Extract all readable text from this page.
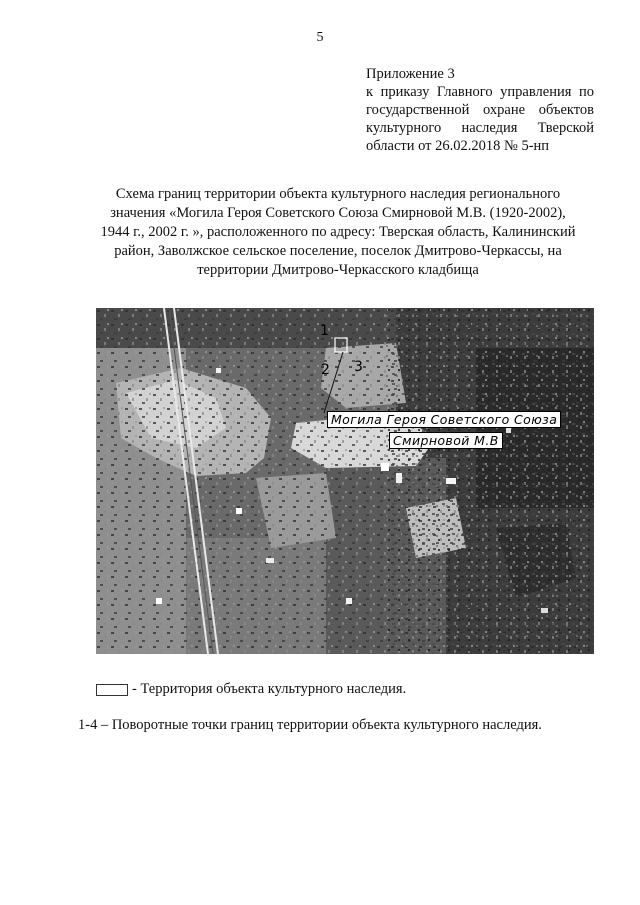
5
Приложение 3
к приказу Главного управления по
государственной охране объектов
культурного наследия Тверской
области от 26.02.2018 № 5-нп
Схема границ территории объекта культурного наследия регионального
значения «Могила Героя Советского Союза Смирновой М.В. (1920-2002),
1944 г., 2002 г. », расположенного по адресу: Тверская область, Калининский
район, Заволжское сельское поселение, поселок Дмитрово-Черкассы, на
территории Дмитрово-Черкасского кладбища
1
2 3
Могила Героя Советского Союза
Смирновой М.В
- Территория объекта культурного наследия.
1-4 – Поворотные точки границ территории объекта культурного наследия.
